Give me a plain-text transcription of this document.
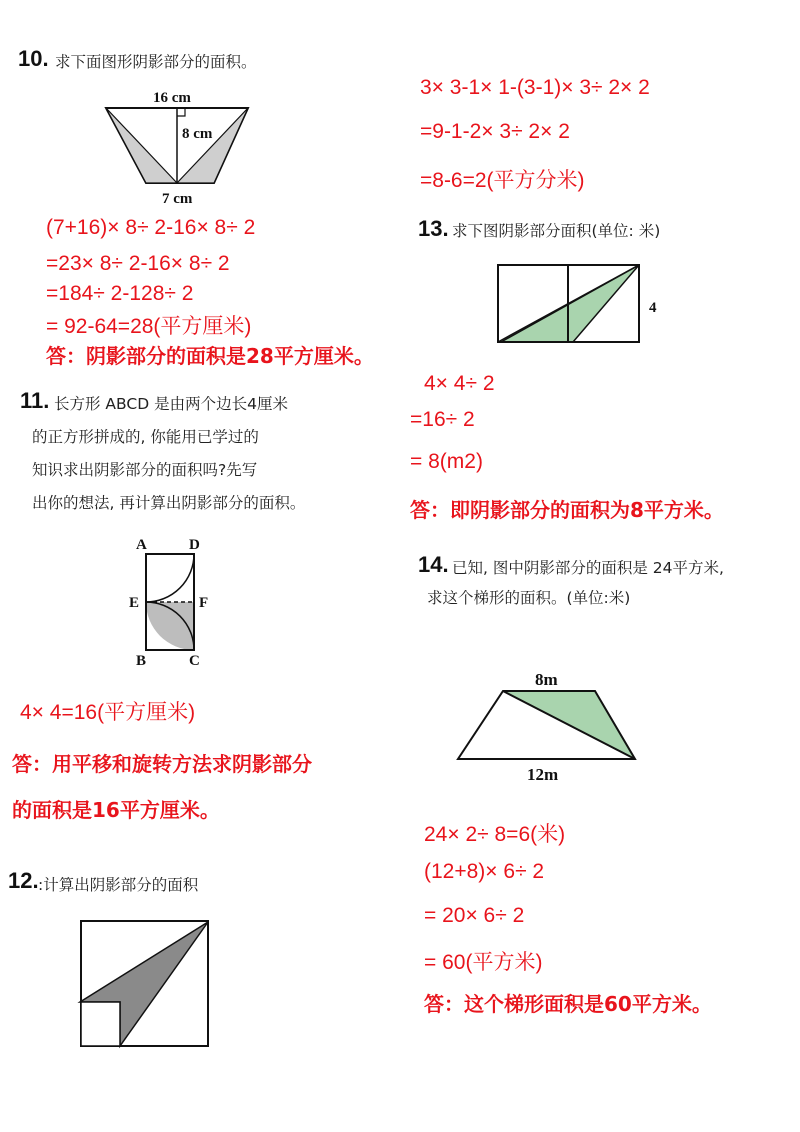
10. 求下面图形阴影部分的面积。
16 cm
8 cm
7 cm
(7+16)× 8÷ 2-16× 8÷ 2
=23× 8÷ 2-16× 8÷ 2
=184÷ 2-128÷ 2
= 92-64=28(平方厘米)
答：阴影部分的面积是28平方厘米。
11. 长方形 ABCD 是由两个边长4厘米
的正方形拼成的, 你能用已学过的
知识求出阴影部分的面积吗?先写
出你的想法, 再计算出阴影部分的面积。
A	D
E	F
B	C
4× 4=16(平方厘米)
答：用平移和旋转方法求阴影部分
的面积是16平方厘米。
12. :计算出阴影部分的面积
3× 3-1× 1-(3-1)× 3÷ 2× 2
=9-1-2× 3÷ 2× 2
=8-6=2(平方分米)
13. 求下图阴影部分面积(单位: 米)
4
4× 4÷ 2
=16÷ 2
= 8(m2)
答：即阴影部分的面积为8平方米。
14. 已知, 图中阴影部分的面积是 24平方米,
求这个梯形的面积。(单位:米)
8m
12m
24× 2÷ 8=6(米)
(12+8)× 6÷ 2
= 20× 6÷ 2
= 60(平方米)
答：这个梯形面积是60平方米。
